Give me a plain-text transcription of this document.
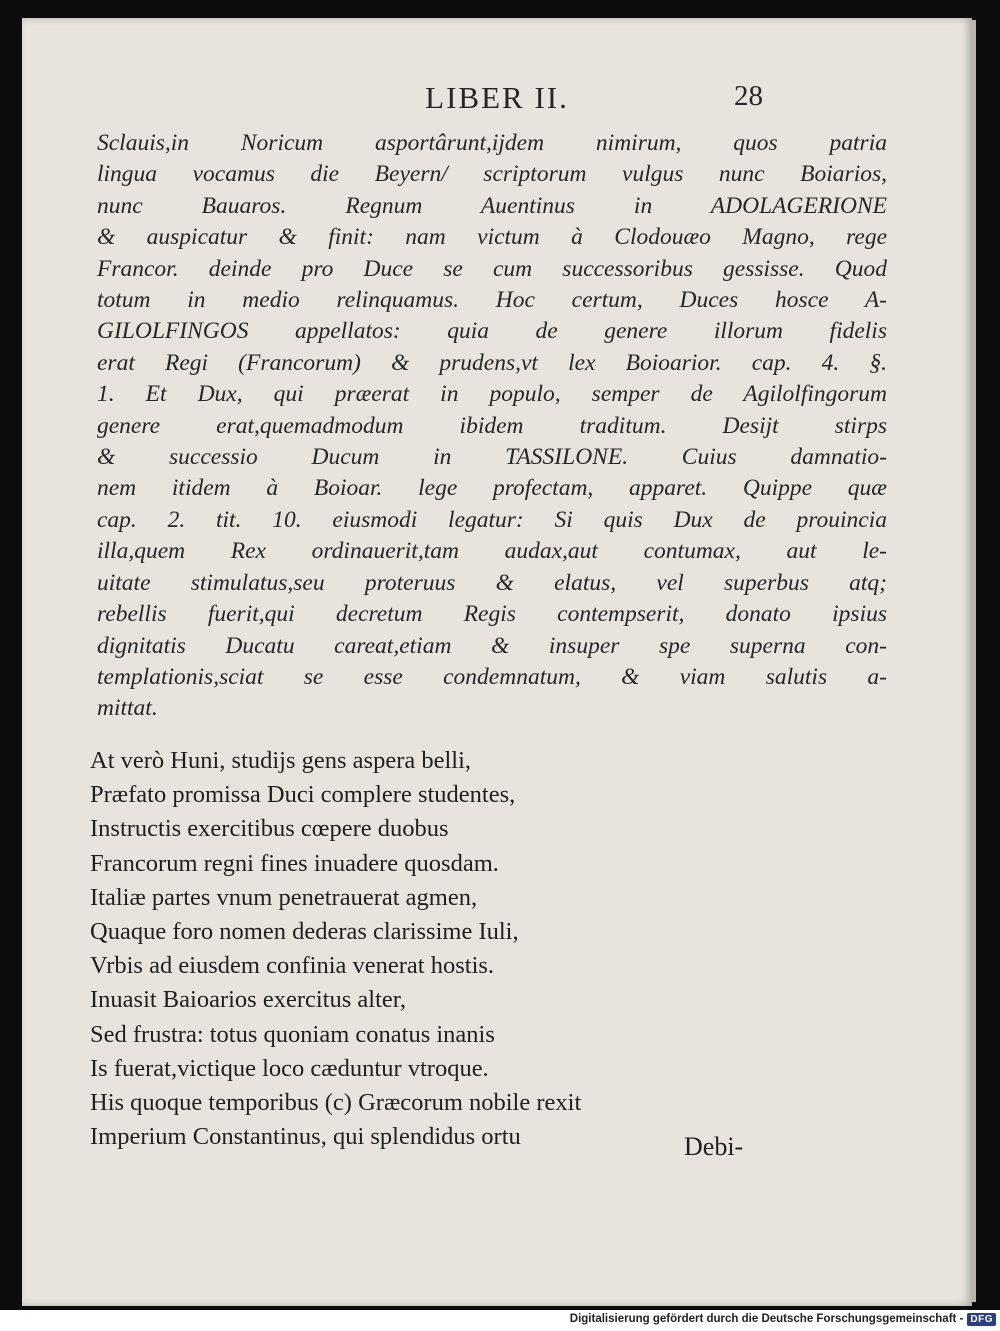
LIBER II.	28
Sclauis,in Noricum asportârunt,ijdem nimirum, quos patria
lingua vocamus die Beyern/ scriptorum vulgus nunc Boiarios,
nunc Bauaros. Regnum Auentinus in ADOLAGERIONE
& auspicatur & finit: nam victum à Clodouæo Magno, rege
Francor. deinde pro Duce se cum successoribus gessisse. Quod
totum in medio relinquamus. Hoc certum, Duces hosce A-
GILOLFINGOS appellatos: quia de genere illorum fidelis
erat Regi (Francorum) & prudens,vt lex Boioarior. cap. 4. §.
1. Et Dux, qui præerat in populo, semper de Agilolfingorum
genere erat,quemadmodum ibidem traditum. Desijt stirps
& successio Ducum in TASSILONE. Cuius damnatio-
nem itidem à Boioar. lege profectam, apparet. Quippe quæ
cap. 2. tit. 10. eiusmodi legatur: Si quis Dux de prouincia
illa,quem Rex ordinauerit,tam audax,aut contumax, aut le-
uitate stimulatus,seu proteruus & elatus, vel superbus atq;
rebellis fuerit,qui decretum Regis contempserit, donato ipsius
dignitatis Ducatu careat,etiam & insuper spe superna con-
templationis,sciat se esse condemnatum, & viam salutis a-
mittat.
At verò Huni, studijs gens aspera belli,
Præfato promissa Duci complere studentes,
Instructis exercitibus cœpere duobus
Francorum regni fines inuadere quosdam.
Italiæ partes vnum penetrauerat agmen,
Quaque foro nomen dederas clarissime Iuli,
Vrbis ad eiusdem confinia venerat hostis.
Inuasit Baioarios exercitus alter,
Sed frustra: totus quoniam conatus inanis
Is fuerat,victique loco cæduntur vtroque.
His quoque temporibus (c) Græcorum nobile rexit
Imperium Constantinus, qui splendidus ortu	Debi-
Digitalisierung gefördert durch die Deutsche Forschungsgemeinschaft - DFG
